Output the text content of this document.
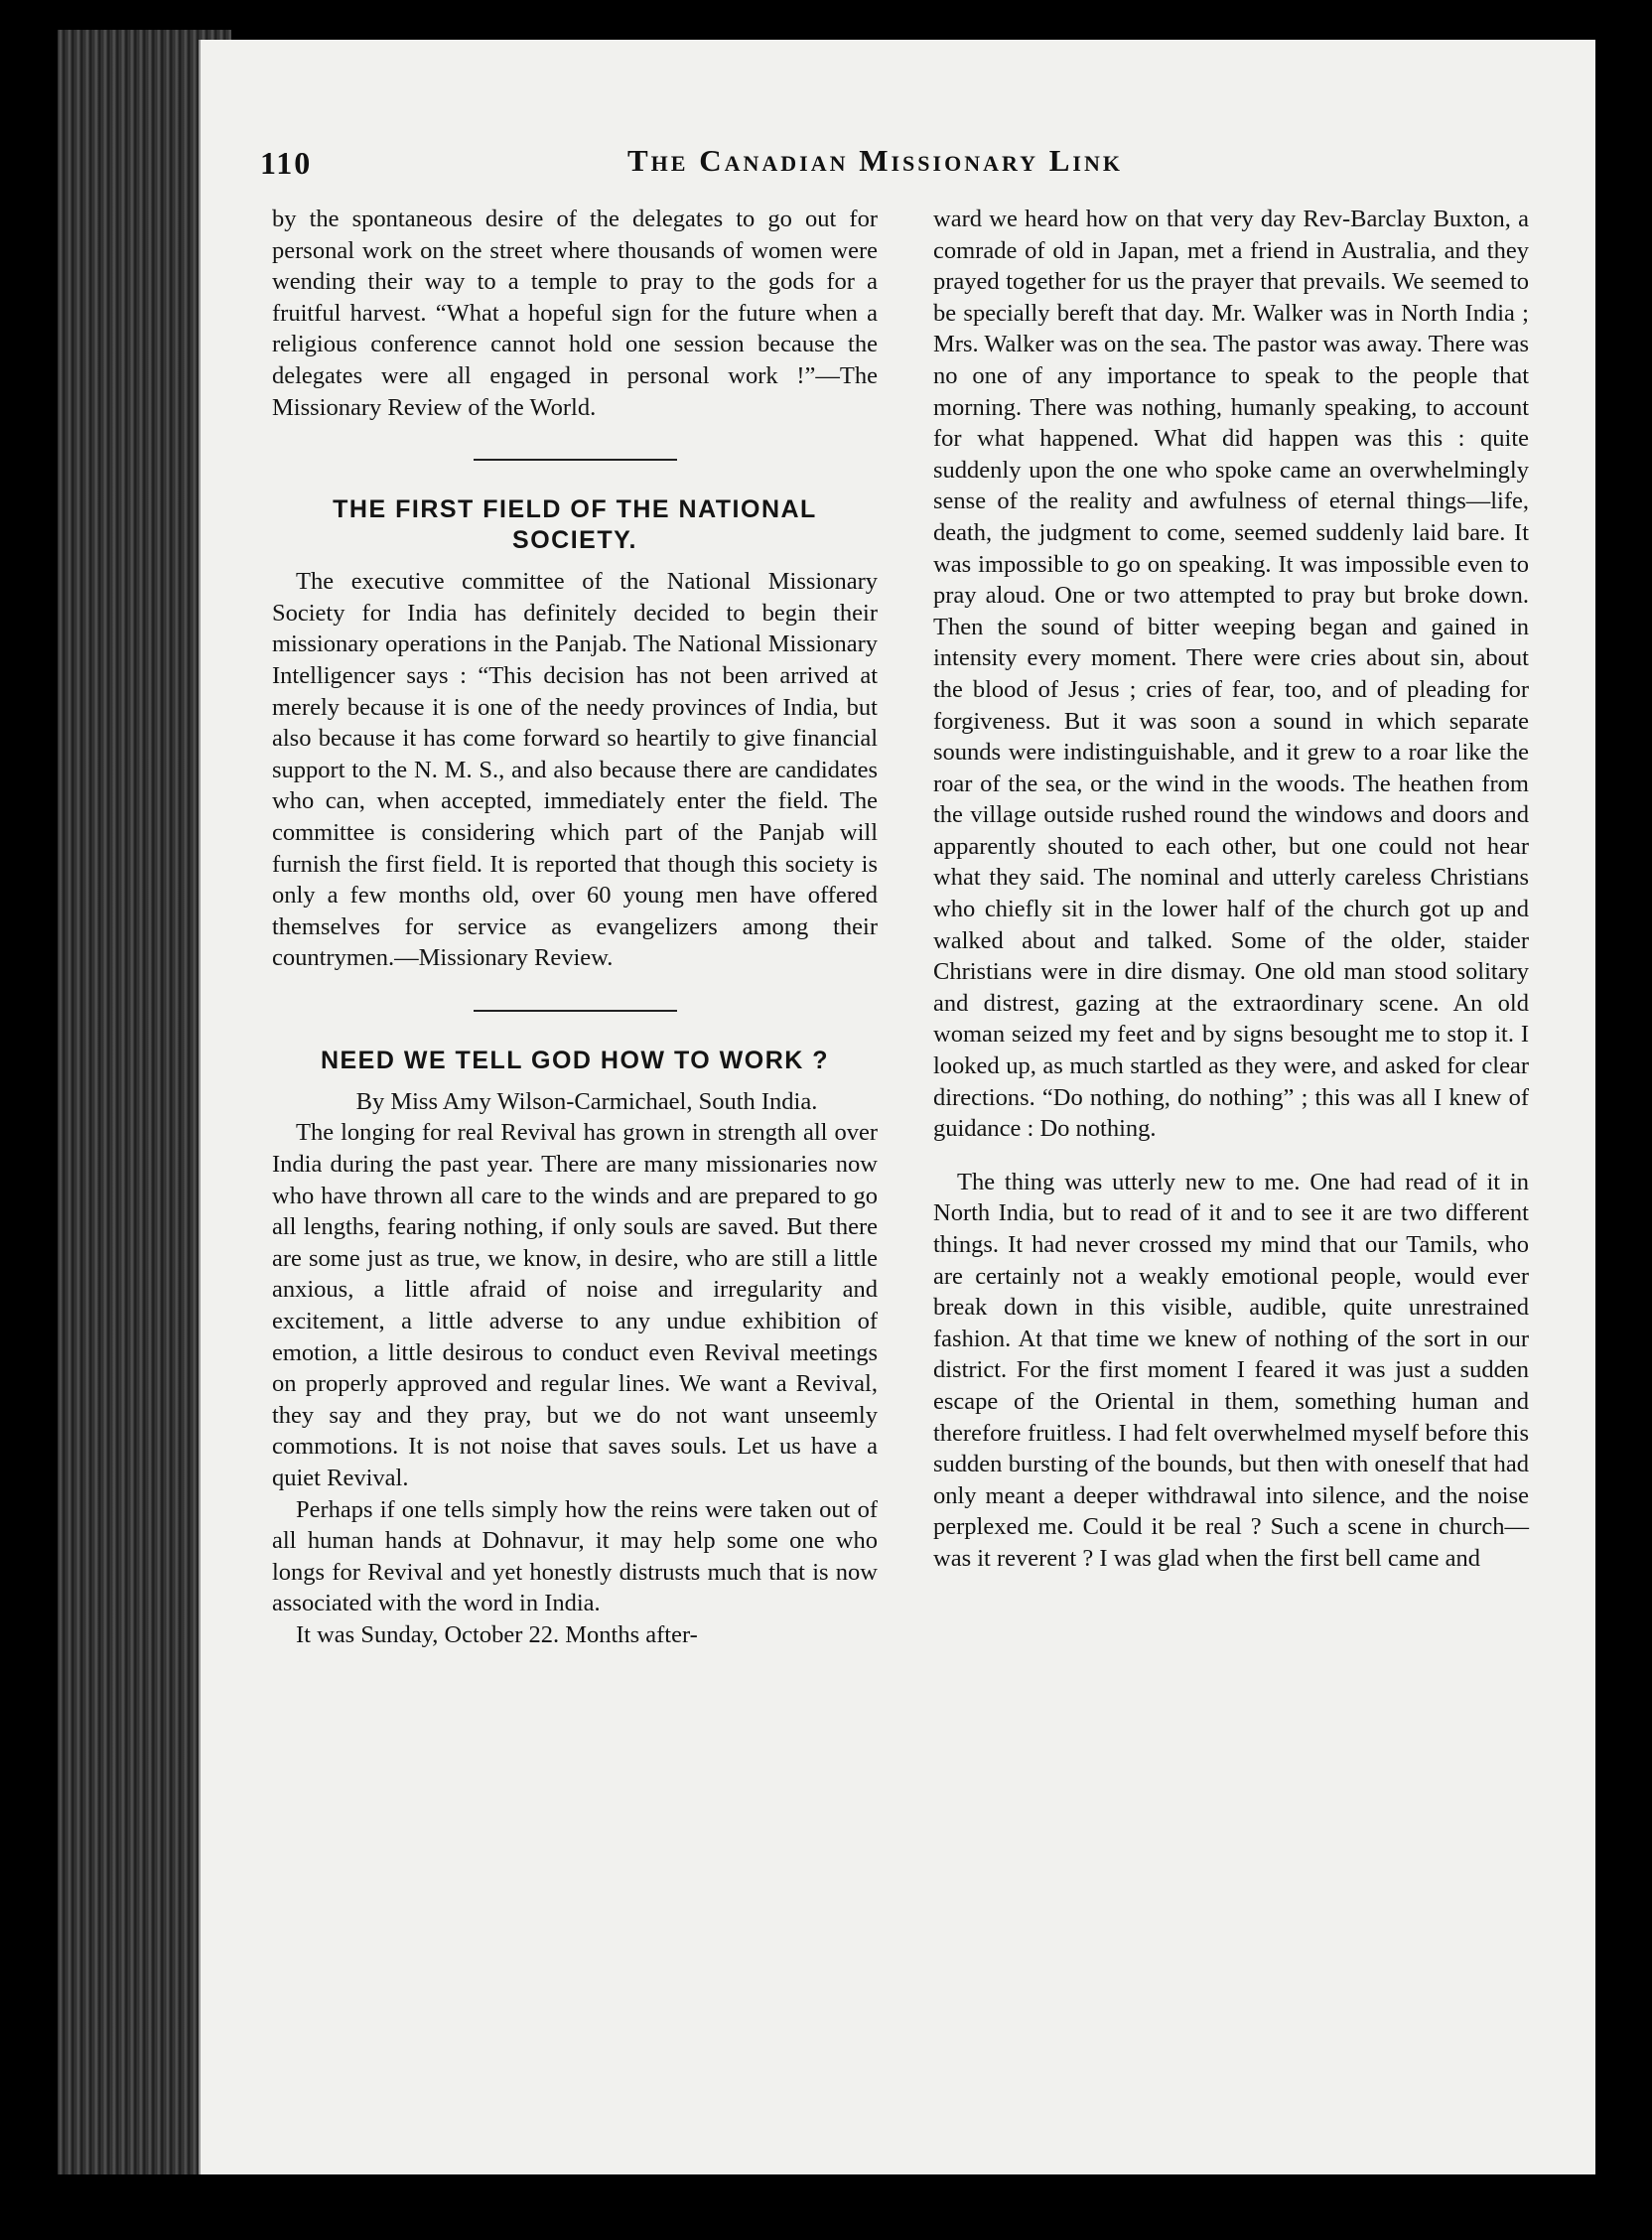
110	The Canadian Missionary Link

by the spontaneous desire of the delegates to go out for personal work on the street where thousands of women were wending their way to a temple to pray to the gods for a fruitful harvest. “What a hopeful sign for the future when a religious conference cannot hold one session because the delegates were all engaged in personal work !”—The Missionary Review of the World.

THE FIRST FIELD OF THE NATIONAL SOCIETY.

The executive committee of the National Missionary Society for India has definitely decided to begin their missionary operations in the Panjab. The National Missionary Intelligencer says : “This decision has not been arrived at merely because it is one of the needy provinces of India, but also because it has come forward so heartily to give financial support to the N. M. S., and also because there are candidates who can, when accepted, immediately enter the field. The committee is considering which part of the Panjab will furnish the first field. It is reported that though this society is only a few months old, over 60 young men have offered themselves for service as evangelizers among their countrymen.—Missionary Review.

NEED WE TELL GOD HOW TO WORK ?

By Miss Amy Wilson-Carmichael, South India.

The longing for real Revival has grown in strength all over India during the past year. There are many missionaries now who have thrown all care to the winds and are prepared to go all lengths, fearing nothing, if only souls are saved. But there are some just as true, we know, in desire, who are still a little anxious, a little afraid of noise and irregularity and excitement, a little adverse to any undue exhibition of emotion, a little desirous to conduct even Revival meetings on properly approved and regular lines. We want a Revival, they say and they pray, but we do not want unseemly commotions. It is not noise that saves souls. Let us have a quiet Revival.

Perhaps if one tells simply how the reins were taken out of all human hands at Dohnavur, it may help some one who longs for Revival and yet honestly distrusts much that is now associated with the word in India.

It was Sunday, October 22. Months after-

ward we heard how on that very day Rev-Barclay Buxton, a comrade of old in Japan, met a friend in Australia, and they prayed together for us the prayer that prevails. We seemed to be specially bereft that day. Mr. Walker was in North India ; Mrs. Walker was on the sea. The pastor was away. There was no one of any importance to speak to the people that morning. There was nothing, humanly speaking, to account for what happened. What did happen was this : quite suddenly upon the one who spoke came an overwhelmingly sense of the reality and awfulness of eternal things—life, death, the judgment to come, seemed suddenly laid bare. It was impossible to go on speaking. It was impossible even to pray aloud. One or two attempted to pray but broke down. Then the sound of bitter weeping began and gained in intensity every moment. There were cries about sin, about the blood of Jesus ; cries of fear, too, and of pleading for forgiveness. But it was soon a sound in which separate sounds were indistinguishable, and it grew to a roar like the roar of the sea, or the wind in the woods. The heathen from the village outside rushed round the windows and doors and apparently shouted to each other, but one could not hear what they said. The nominal and utterly careless Christians who chiefly sit in the lower half of the church got up and walked about and talked. Some of the older, staider Christians were in dire dismay. One old man stood solitary and distrest, gazing at the extraordinary scene. An old woman seized my feet and by signs besought me to stop it. I looked up, as much startled as they were, and asked for clear directions. “Do nothing, do nothing” ; this was all I knew of guidance : Do nothing.

The thing was utterly new to me. One had read of it in North India, but to read of it and to see it are two different things. It had never crossed my mind that our Tamils, who are certainly not a weakly emotional people, would ever break down in this visible, audible, quite unrestrained fashion. At that time we knew of nothing of the sort in our district. For the first moment I feared it was just a sudden escape of the Oriental in them, something human and therefore fruitless. I had felt overwhelmed myself before this sudden bursting of the bounds, but then with oneself that had only meant a deeper withdrawal into silence, and the noise perplexed me. Could it be real ? Such a scene in church—was it reverent ? I was glad when the first bell came and
